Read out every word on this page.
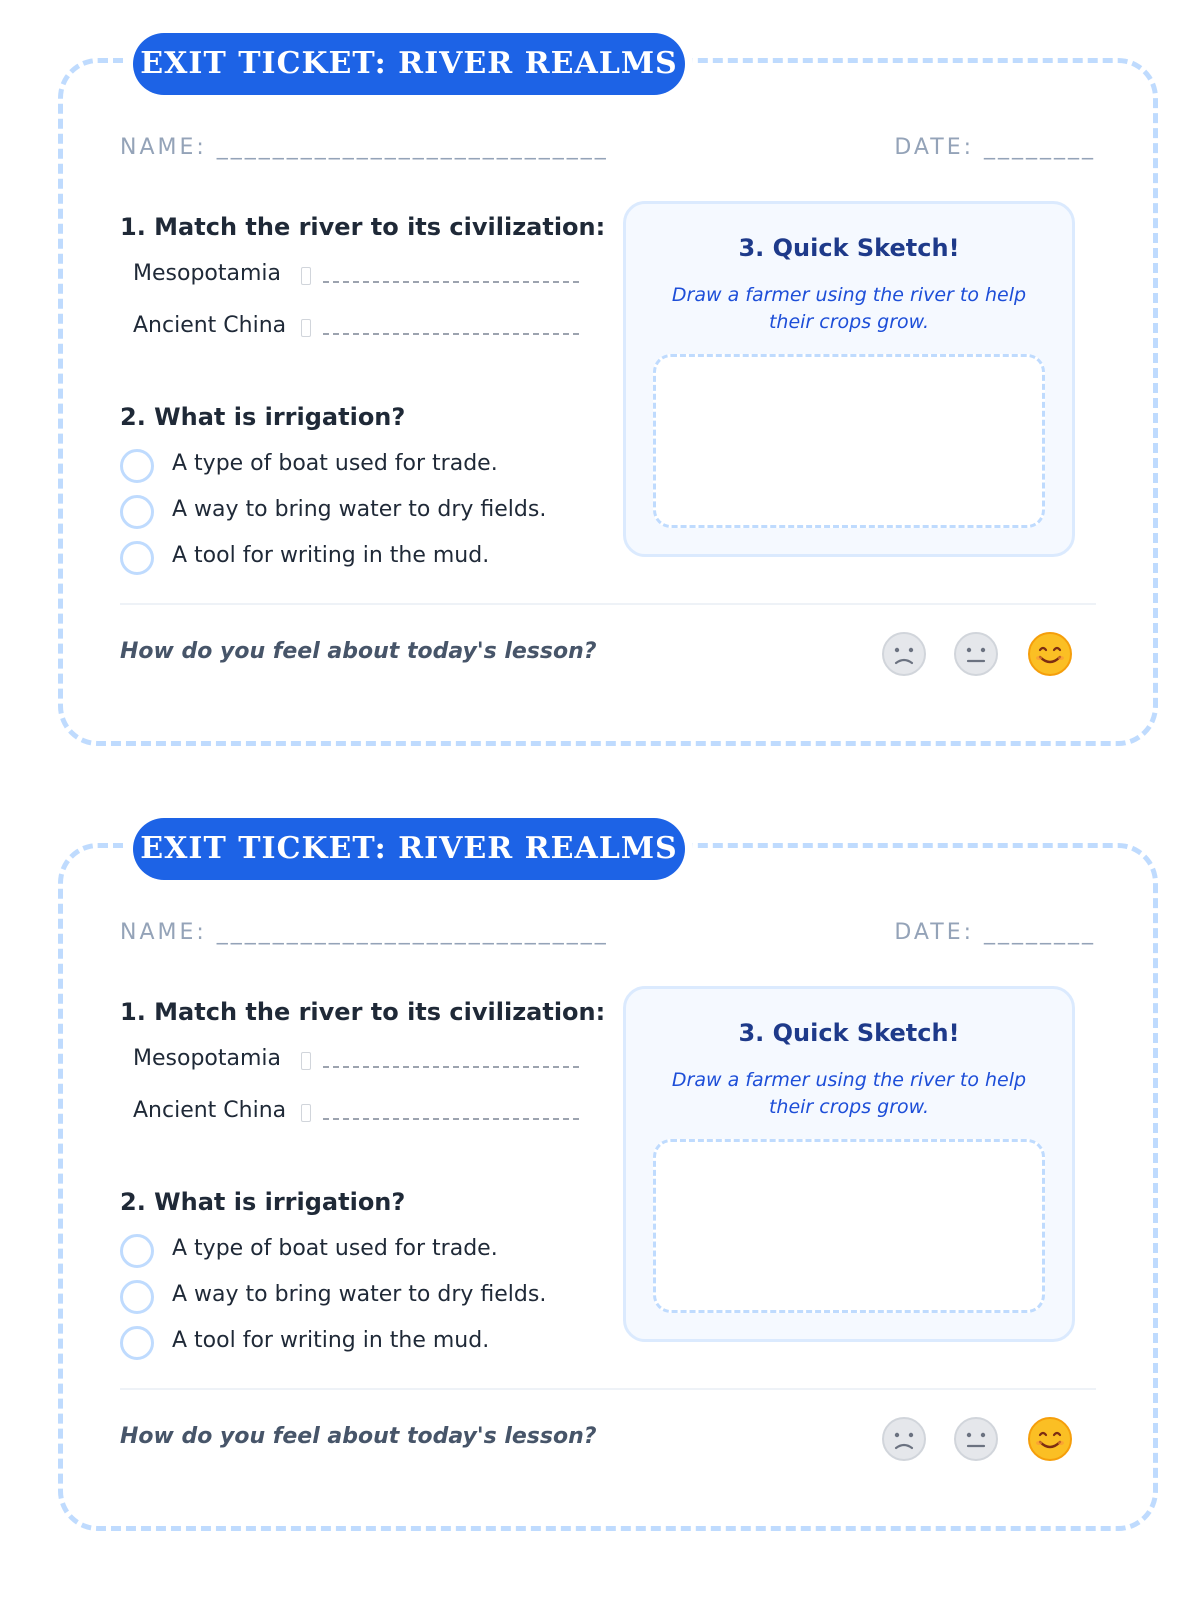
EXIT TICKET: RIVER REALMS
NAME: ____________________________	DATE: ________
1. Match the river to its civilization:
Mesopotamia
Ancient China
2. What is irrigation?
A type of boat used for trade.
A way to bring water to dry fields.
A tool for writing in the mud.
3. Quick Sketch!
Draw a farmer using the river to help their crops grow.
How do you feel about today's lesson?
EXIT TICKET: RIVER REALMS
NAME: ____________________________	DATE: ________
1. Match the river to its civilization:
Mesopotamia
Ancient China
2. What is irrigation?
A type of boat used for trade.
A way to bring water to dry fields.
A tool for writing in the mud.
3. Quick Sketch!
Draw a farmer using the river to help their crops grow.
How do you feel about today's lesson?
